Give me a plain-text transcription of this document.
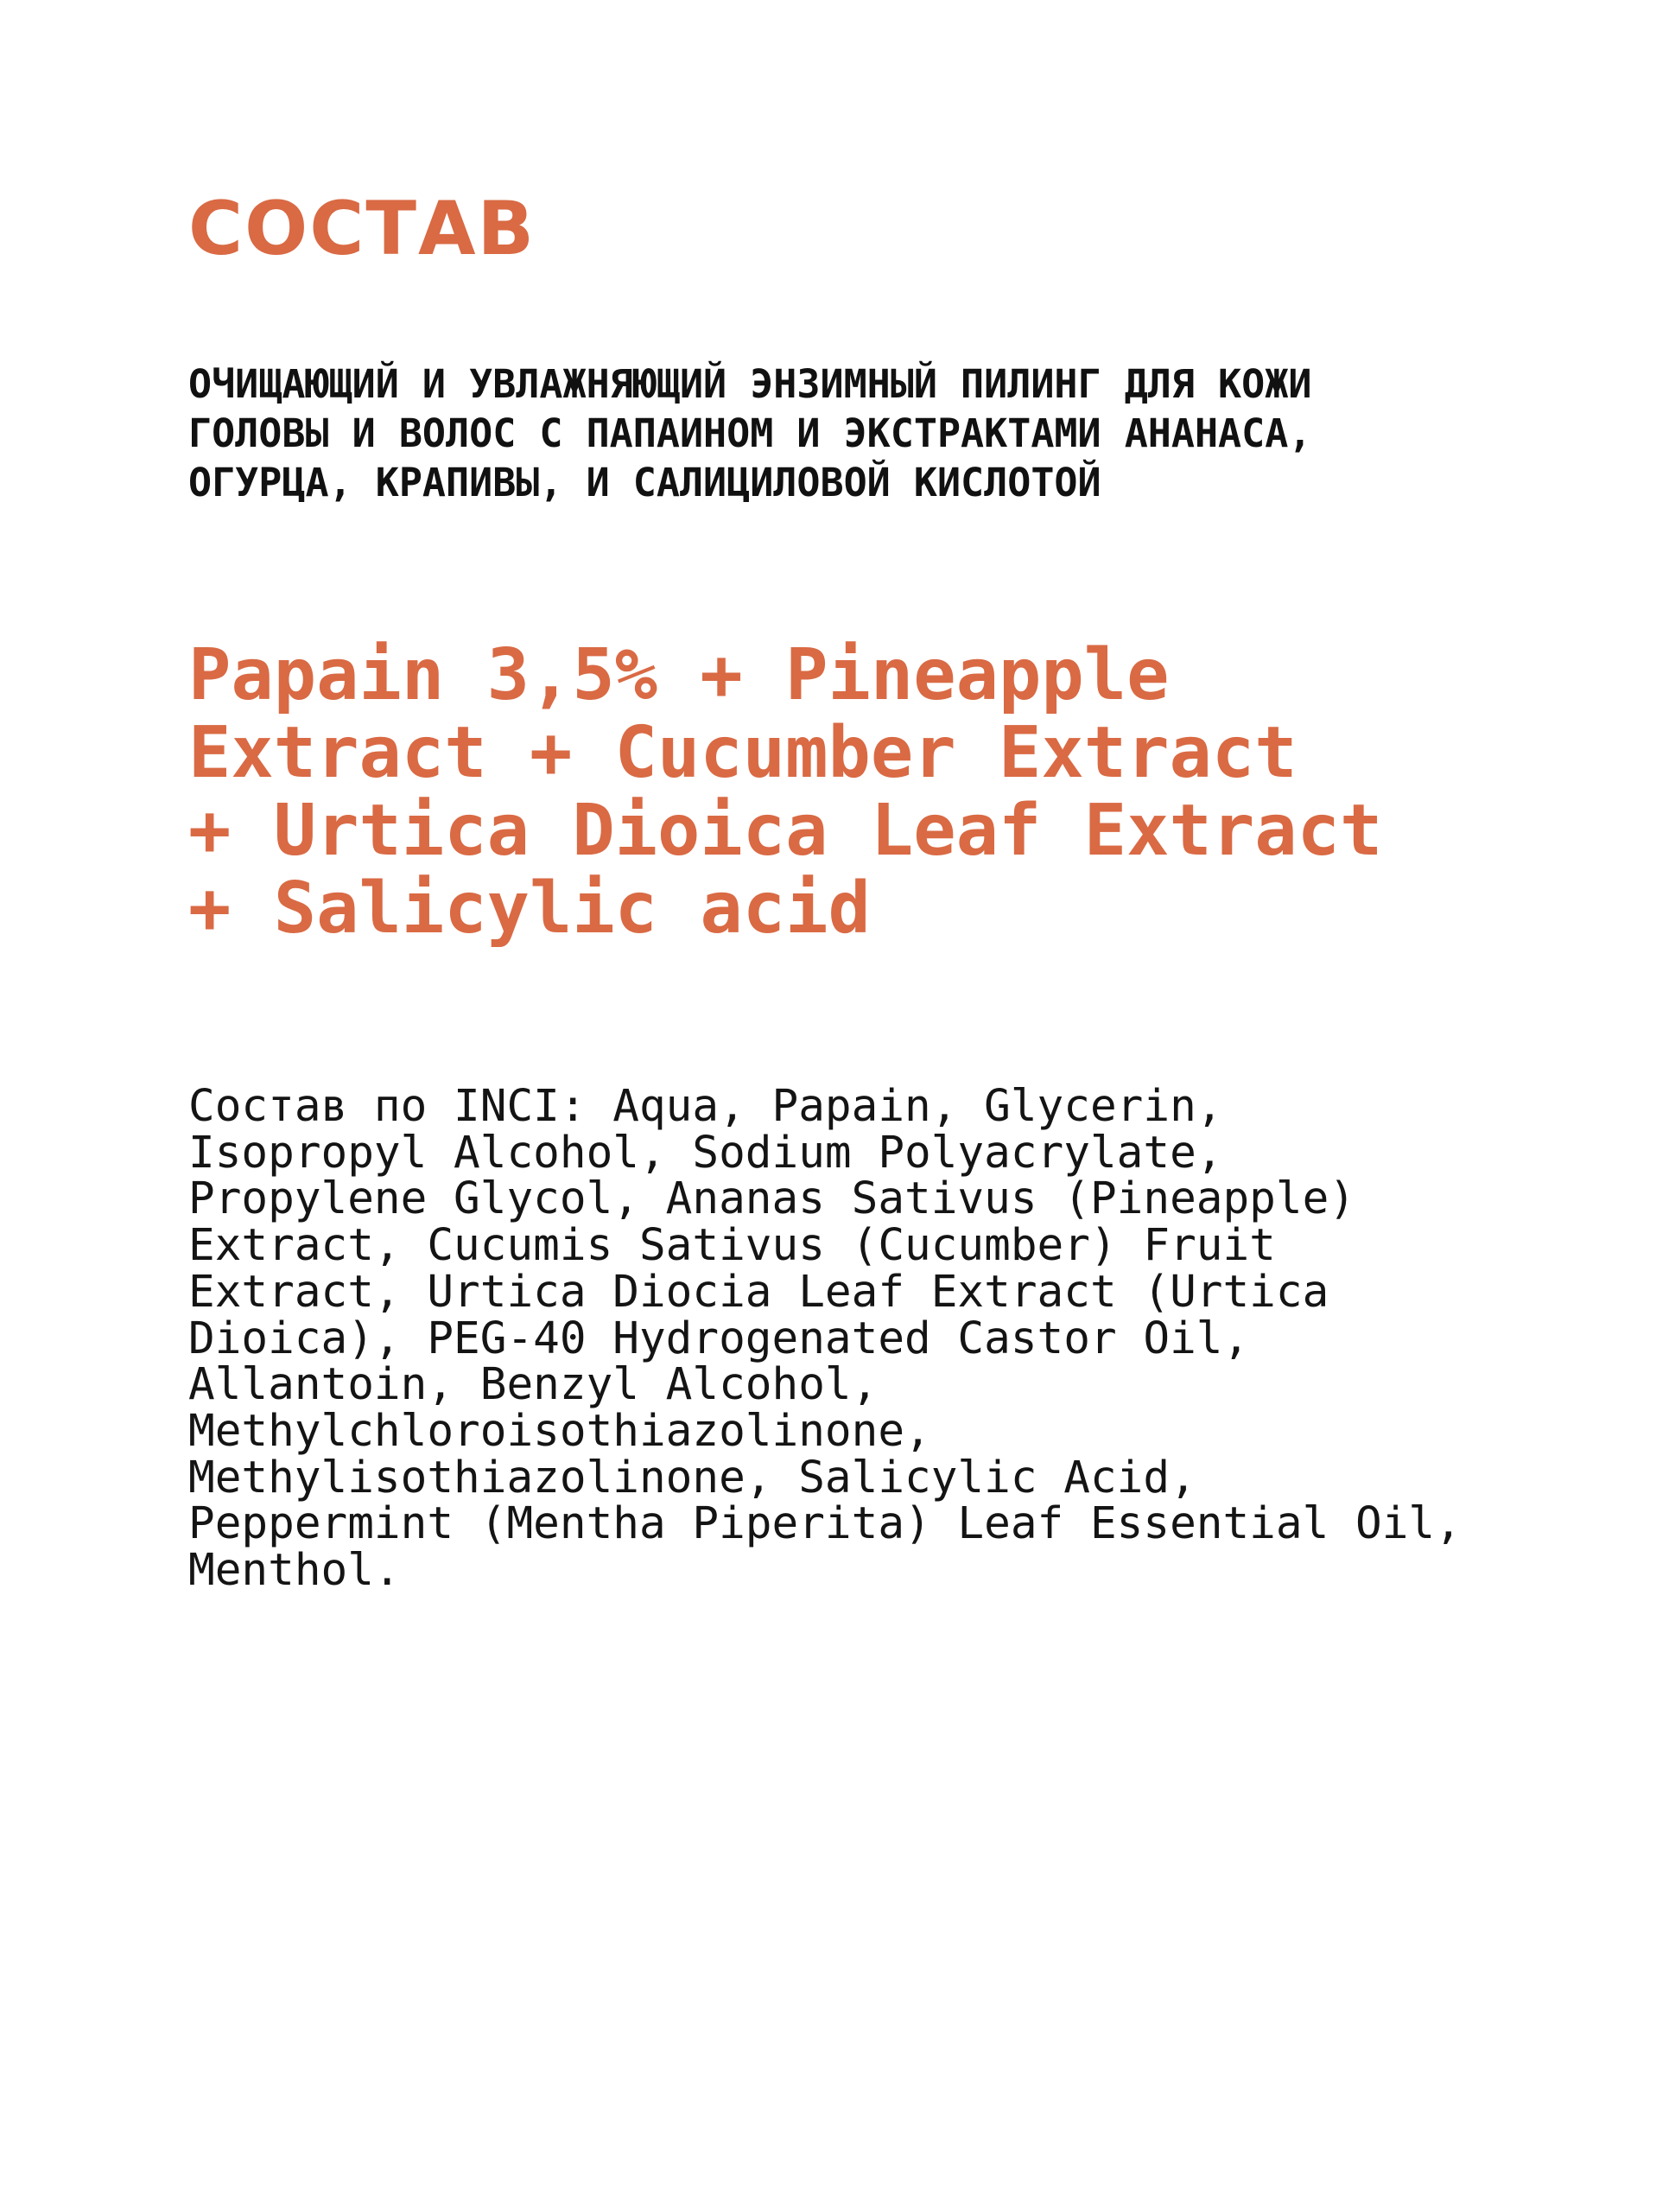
СОСТАВ

ОЧИЩАЮЩИЙ И УВЛАЖНЯЮЩИЙ ЭНЗИМНЫЙ ПИЛИНГ ДЛЯ КОЖИ
ГОЛОВЫ И ВОЛОС С ПАПАИНОМ И ЭКСТРАКТАМИ АНАНАСА,
ОГУРЦА, КРАПИВЫ, И САЛИЦИЛОВОЙ КИСЛОТОЙ

Papain 3,5% + Pineapple
Extract + Cucumber Extract
+ Urtica Dioica Leaf Extract
+ Salicylic acid

Состав по INCI: Aqua, Papain, Glycerin,
Isopropyl Alcohol, Sodium Polyacrylate,
Propylene Glycol, Ananas Sativus (Pineapple)
Extract, Cucumis Sativus (Cucumber) Fruit
Extract, Urtica Diocia Leaf Extract (Urtica
Dioica), PEG-40 Hydrogenated Castor Oil,
Allantoin, Benzyl Alcohol,
Methylchloroisothiazolinone,
Methylisothiazolinone, Salicylic Acid,
Peppermint (Mentha Piperita) Leaf Essential Oil,
Menthol.
